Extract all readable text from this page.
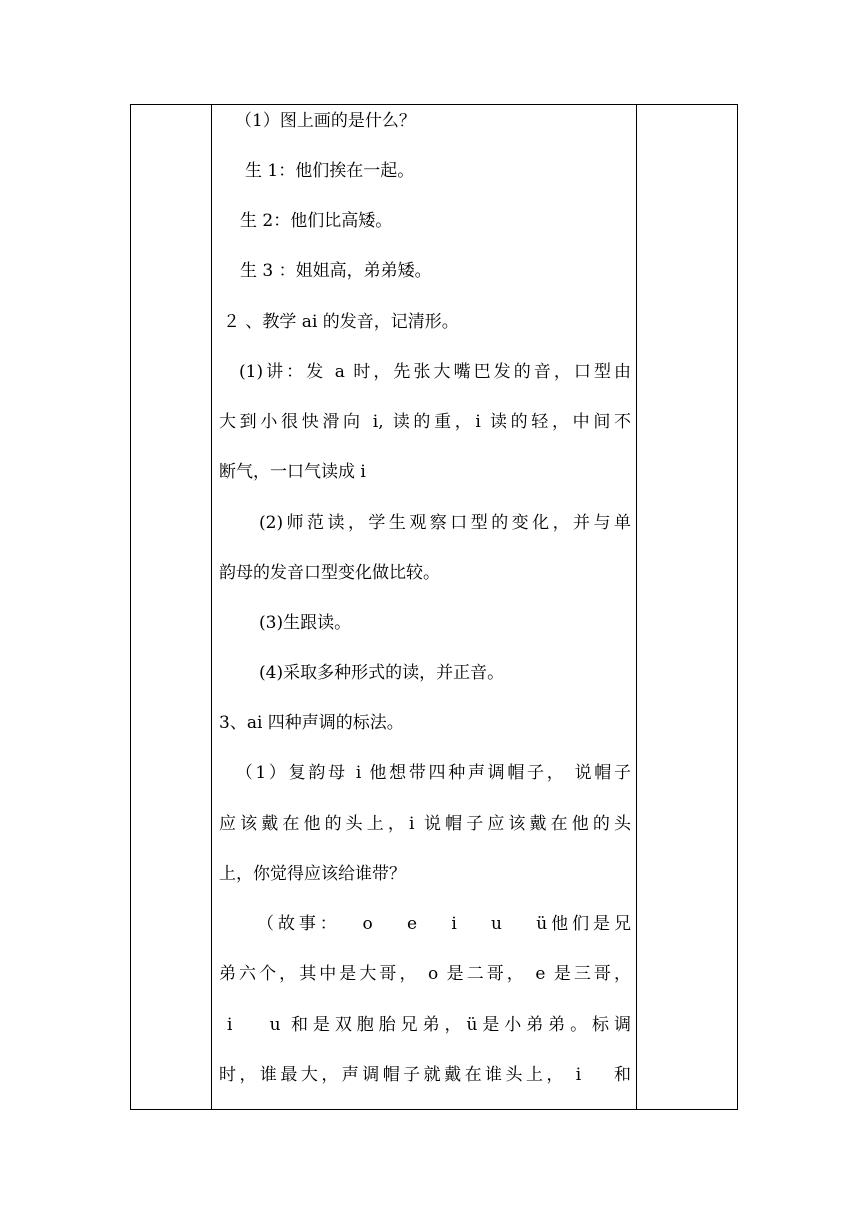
（1）图上画的是什么？
生 1：他们挨在一起。
生 2：他们比高矮。
生 3 ：姐姐高，弟弟矮。
２ 、教学 ai 的发音，记清形。
(1)讲：发 a 时，先张大嘴巴发的音，口型由
大到小很快滑向 i, 读的重，i 读的轻，中间不
断气，一口气读成 i
(2)师范读，学生观察口型的变化，并与单
韵母的发音口型变化做比较。
(3)生跟读。
(4)采取多种形式的读，并正音。
3、ai 四种声调的标法。
（1）复韵母 i 他想带四种声调帽子， 说帽子
应该戴在他的头上，i 说帽子应该戴在他的头
上，你觉得应该给谁带？
（故事：　 o　 e　 i　 u　 ü他们是兄
弟六个，其中是大哥， o 是二哥， e 是三哥，
i　 u 和是双胞胎兄弟，ü是小弟弟。标调
时，谁最大，声调帽子就戴在谁头上， i　 和
